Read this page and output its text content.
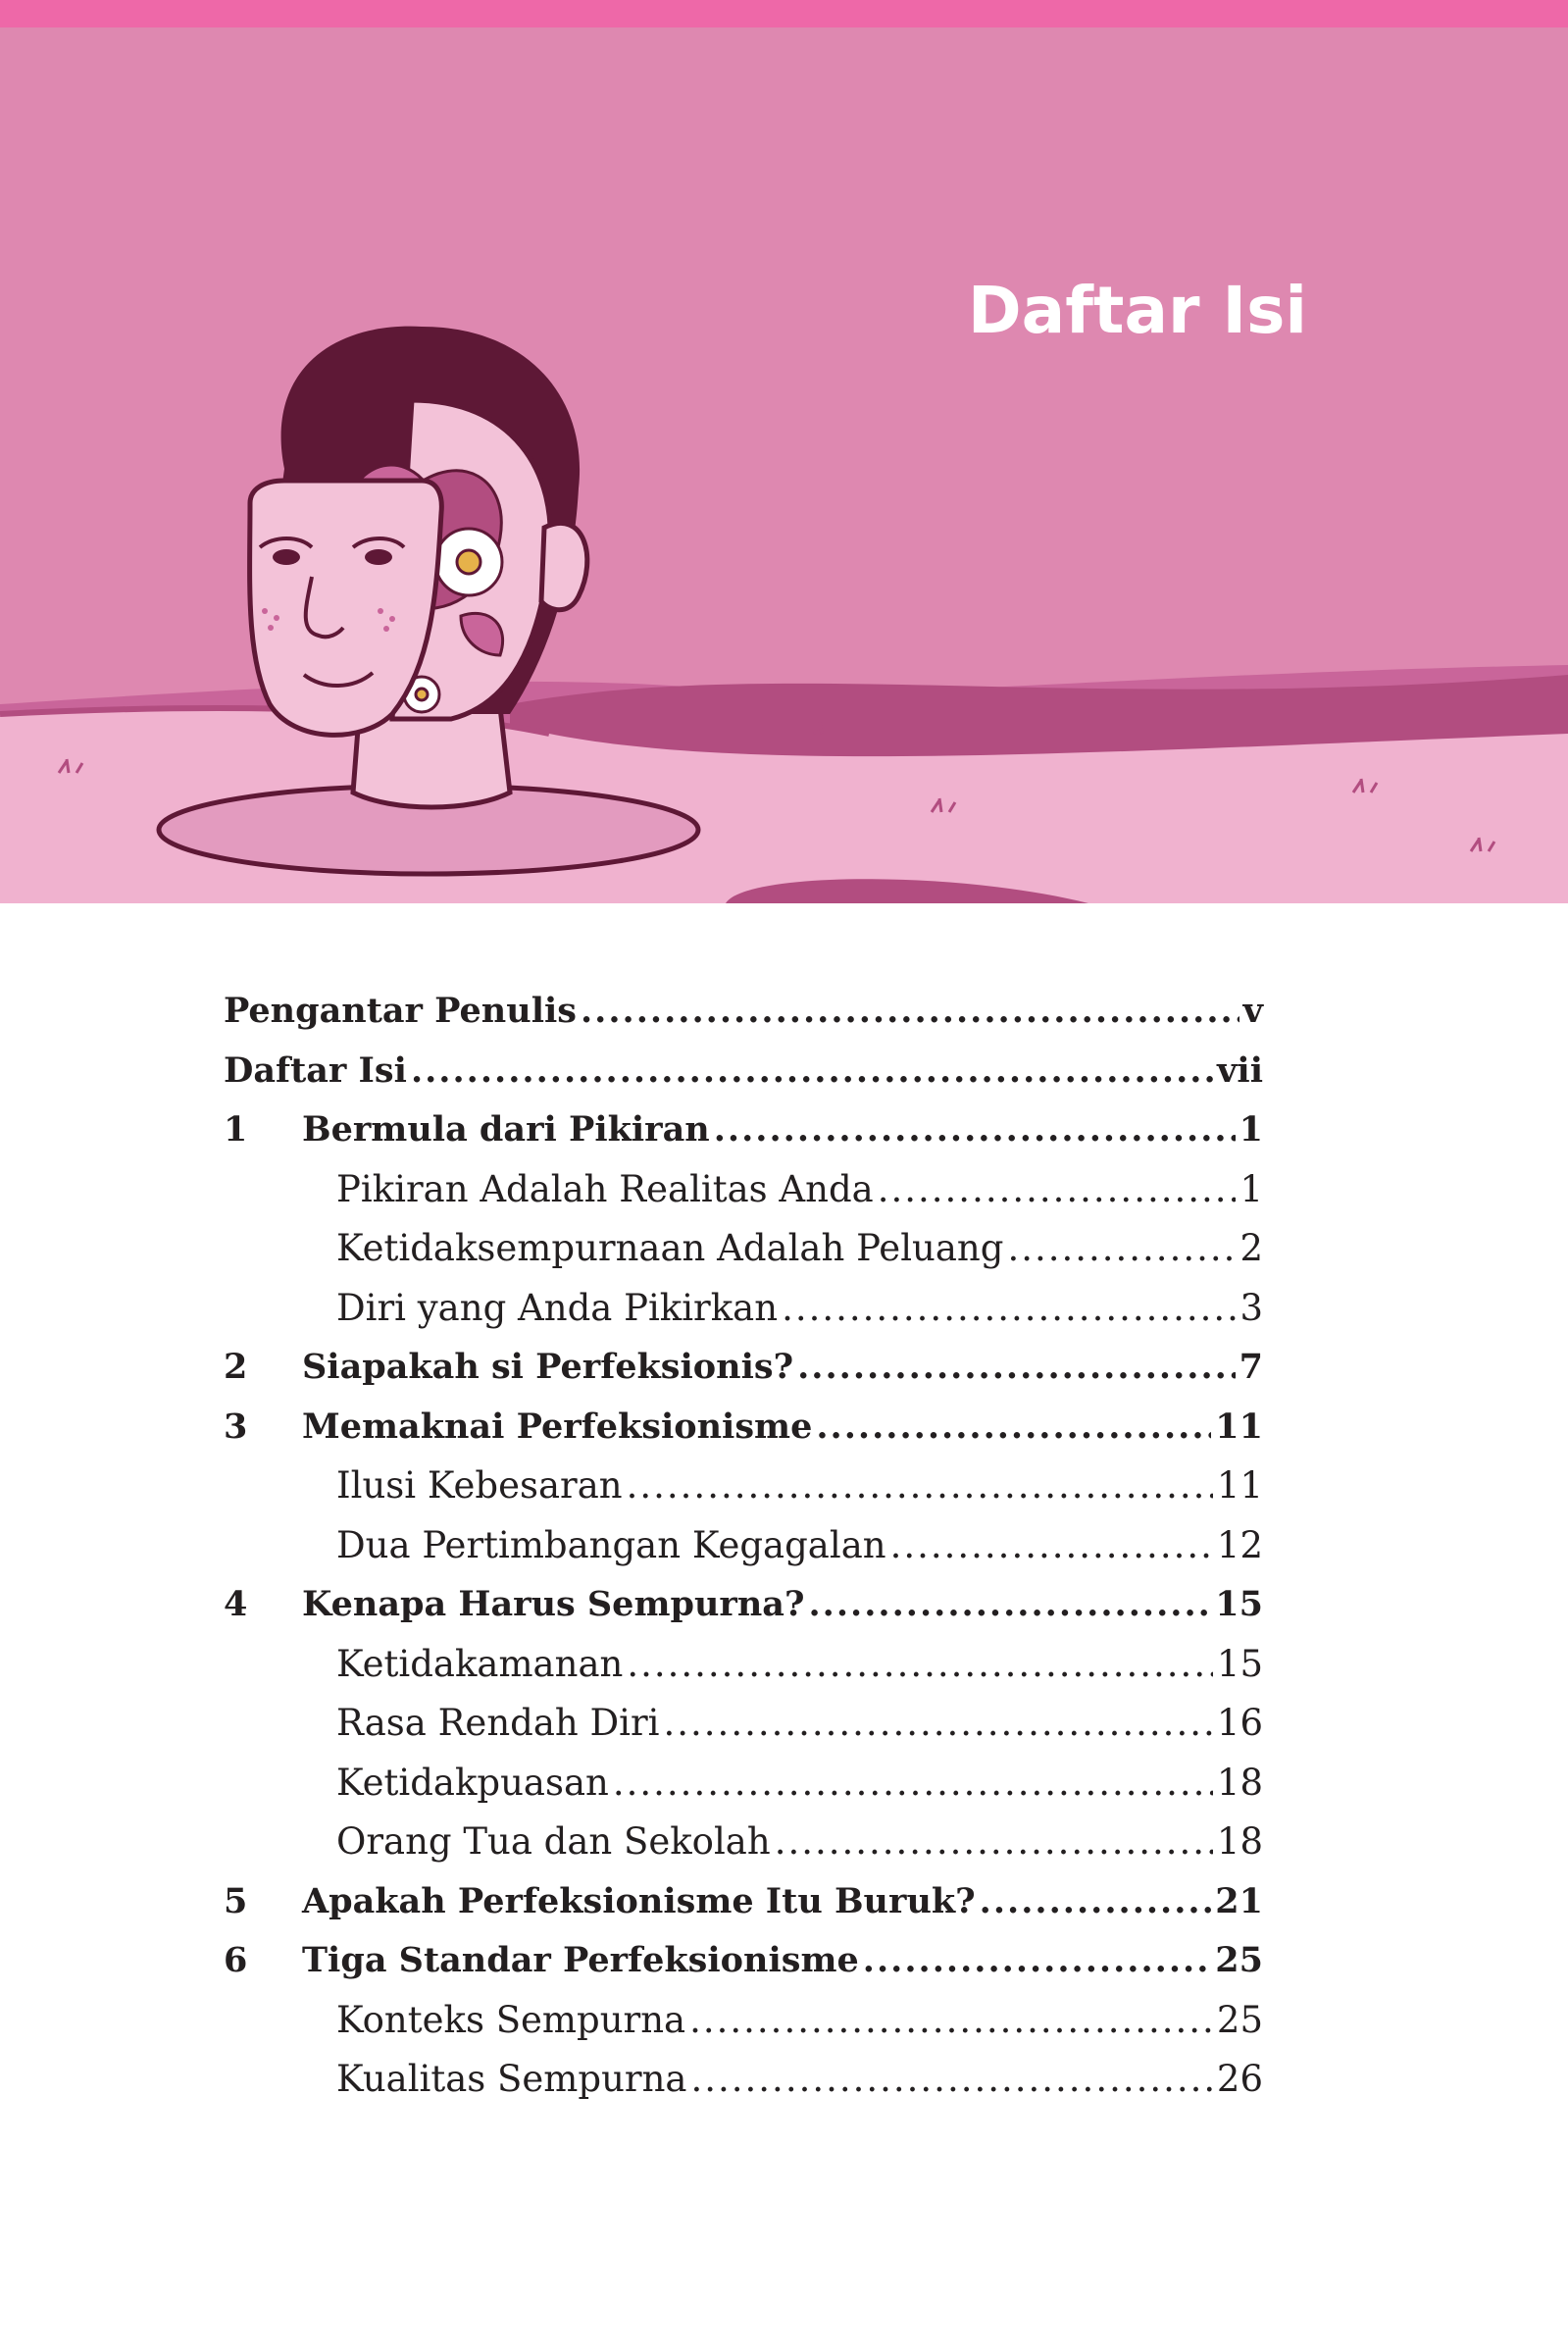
Daftar Isi
Pengantar Penulis .....	v
Daftar Isi .....	vii
1	Bermula dari Pikiran .....	1
Pikiran Adalah Realitas Anda .....	1
Ketidaksempurnaan Adalah Peluang .....	2
Diri yang Anda Pikirkan .....	3
2	Siapakah si Perfeksionis? .....	7
3	Memaknai Perfeksionisme .....	11
Ilusi Kebesaran .....	11
Dua Pertimbangan Kegagalan .....	12
4	Kenapa Harus Sempurna? .....	15
Ketidakamanan .....	15
Rasa Rendah Diri .....	16
Ketidakpuasan .....	18
Orang Tua dan Sekolah .....	18
5	Apakah Perfeksionisme Itu Buruk? .....	21
6	Tiga Standar Perfeksionisme .....	25
Konteks Sempurna .....	25
Kualitas Sempurna .....	26
